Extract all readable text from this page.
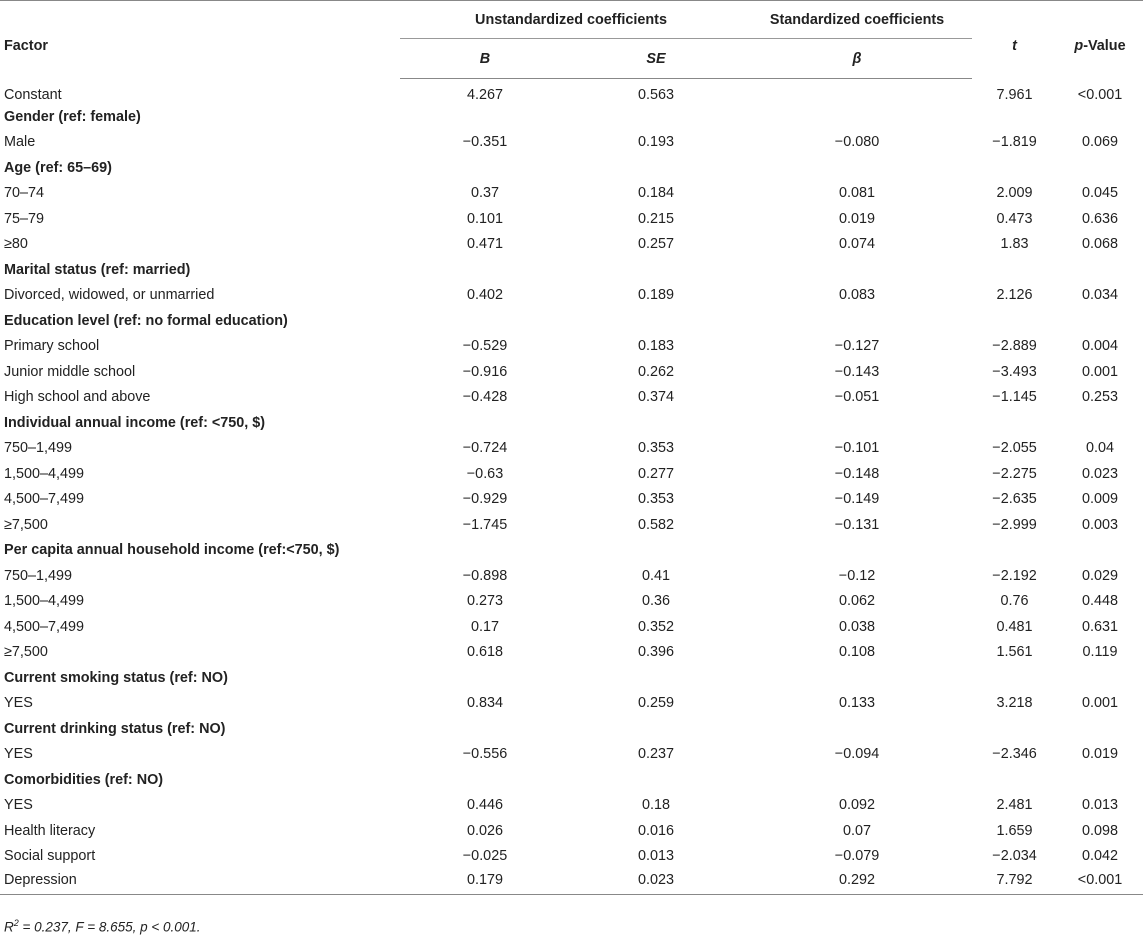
Factor	Unstandardized coefficients		Standardized coefficients	t	p-Value
	B	SE	β		
Constant	4.267	0.563		7.961	<0.001
Gender (ref: female)					
Male	−0.351	0.193	−0.080	−1.819	0.069
Age (ref: 65–69)					
70–74	0.37	0.184	0.081	2.009	0.045
75–79	0.101	0.215	0.019	0.473	0.636
≥80	0.471	0.257	0.074	1.83	0.068
Marital status (ref: married)					
Divorced, widowed, or unmarried	0.402	0.189	0.083	2.126	0.034
Education level (ref: no formal education)					
Primary school	−0.529	0.183	−0.127	−2.889	0.004
Junior middle school	−0.916	0.262	−0.143	−3.493	0.001
High school and above	−0.428	0.374	−0.051	−1.145	0.253
Individual annual income (ref: <750, $)					
750–1,499	−0.724	0.353	−0.101	−2.055	0.04
1,500–4,499	−0.63	0.277	−0.148	−2.275	0.023
4,500–7,499	−0.929	0.353	−0.149	−2.635	0.009
≥7,500	−1.745	0.582	−0.131	−2.999	0.003
Per capita annual household income (ref:<750, $)					
750–1,499	−0.898	0.41	−0.12	−2.192	0.029
1,500–4,499	0.273	0.36	0.062	0.76	0.448
4,500–7,499	0.17	0.352	0.038	0.481	0.631
≥7,500	0.618	0.396	0.108	1.561	0.119
Current smoking status (ref: NO)					
YES	0.834	0.259	0.133	3.218	0.001
Current drinking status (ref: NO)					
YES	−0.556	0.237	−0.094	−2.346	0.019
Comorbidities (ref: NO)					
YES	0.446	0.18	0.092	2.481	0.013
Health literacy	0.026	0.016	0.07	1.659	0.098
Social support	−0.025	0.013	−0.079	−2.034	0.042
Depression	0.179	0.023	0.292	7.792	<0.001
$R^2 = 0.237$, F = 8.655, p < 0.001.
